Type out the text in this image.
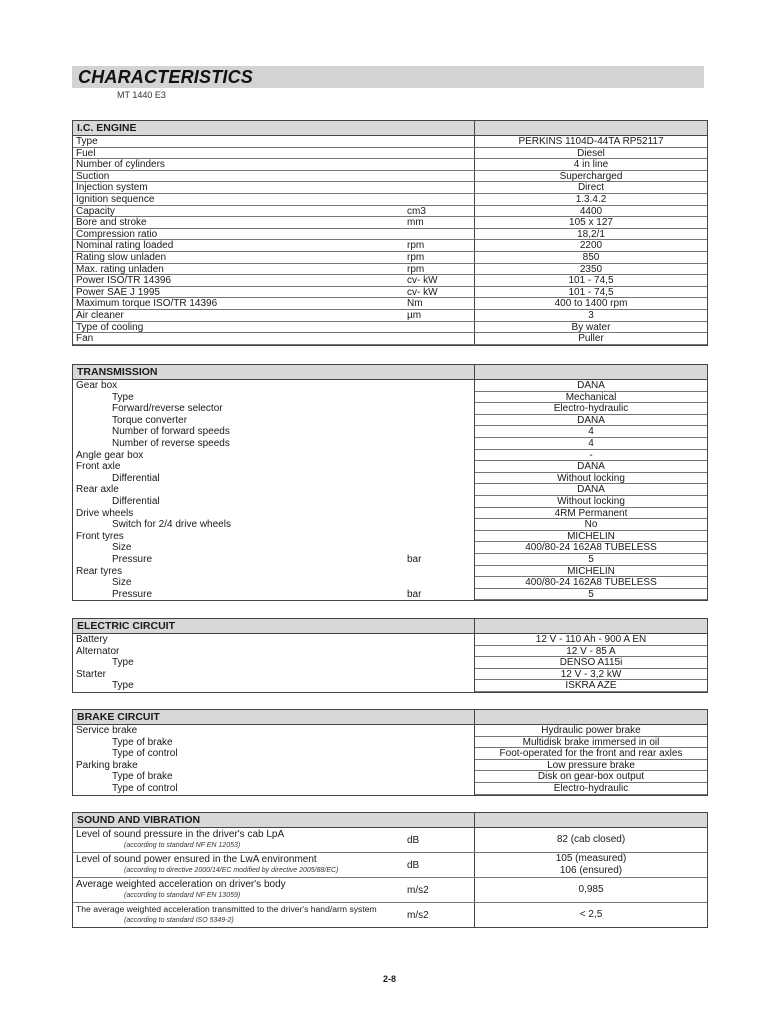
CHARACTERISTICS
MT 1440 E3
I.C. ENGINE
Type	PERKINS 1104D-44TA RP52117
Fuel	Diesel
Number of cylinders	4 in line
Suction	Supercharged
Injection system	Direct
Ignition sequence	1.3.4.2
Capacity	cm3	4400
Bore and stroke	mm	105 x 127
Compression ratio	18,2/1
Nominal rating loaded	rpm	2200
Rating slow unladen	rpm	850
Max. rating unladen	rpm	2350
Power ISO/TR 14396	cv- kW	101 - 74,5
Power SAE J 1995	cv- kW	101 - 74,5
Maximum torque ISO/TR 14396	Nm	400 to 1400 rpm
Air cleaner	µm	3
Type of cooling	By water
Fan	Puller
TRANSMISSION
Gear box	DANA
Type	Mechanical
Forward/reverse selector	Electro-hydraulic
Torque converter	DANA
Number of forward speeds	4
Number of reverse speeds	4
Angle gear box	-
Front axle	DANA
Differential	Without locking
Rear axle	DANA
Differential	Without locking
Drive wheels	4RM Permanent
Switch for 2/4 drive wheels	No
Front tyres	MICHELIN
Size	400/80-24 162A8 TUBELESS
Pressure	bar	5
Rear tyres	MICHELIN
Size	400/80-24 162A8 TUBELESS
Pressure	bar	5
ELECTRIC CIRCUIT
Battery	12 V - 110 Ah - 900 A EN
Alternator	12 V - 85 A
Type	DENSO A115i
Starter	12 V - 3,2 kW
Type	ISKRA AZE
BRAKE CIRCUIT
Service brake	Hydraulic power brake
Type of brake	Multidisk brake immersed in oil
Type of control	Foot-operated for the front and rear axles
Parking brake	Low pressure brake
Type of brake	Disk on gear-box output
Type of control	Electro-hydraulic
SOUND AND VIBRATION
Level of sound pressure in the driver's cab LpA
(according to standard NF EN 12053)	dB	82 (cab closed)
Level of sound power ensured in the LwA environment
(according to directive 2000/14/EC modified by directive 2005/88/EC)	dB
105 (measured)
106 (ensured)
Average weighted acceleration on driver's body
(according to standard NF EN 13059)	m/s2	0,985
The average weighted acceleration transmitted to the driver's hand/arm system
(according to standard ISO 5349-2)	m/s2	< 2,5
2-8
